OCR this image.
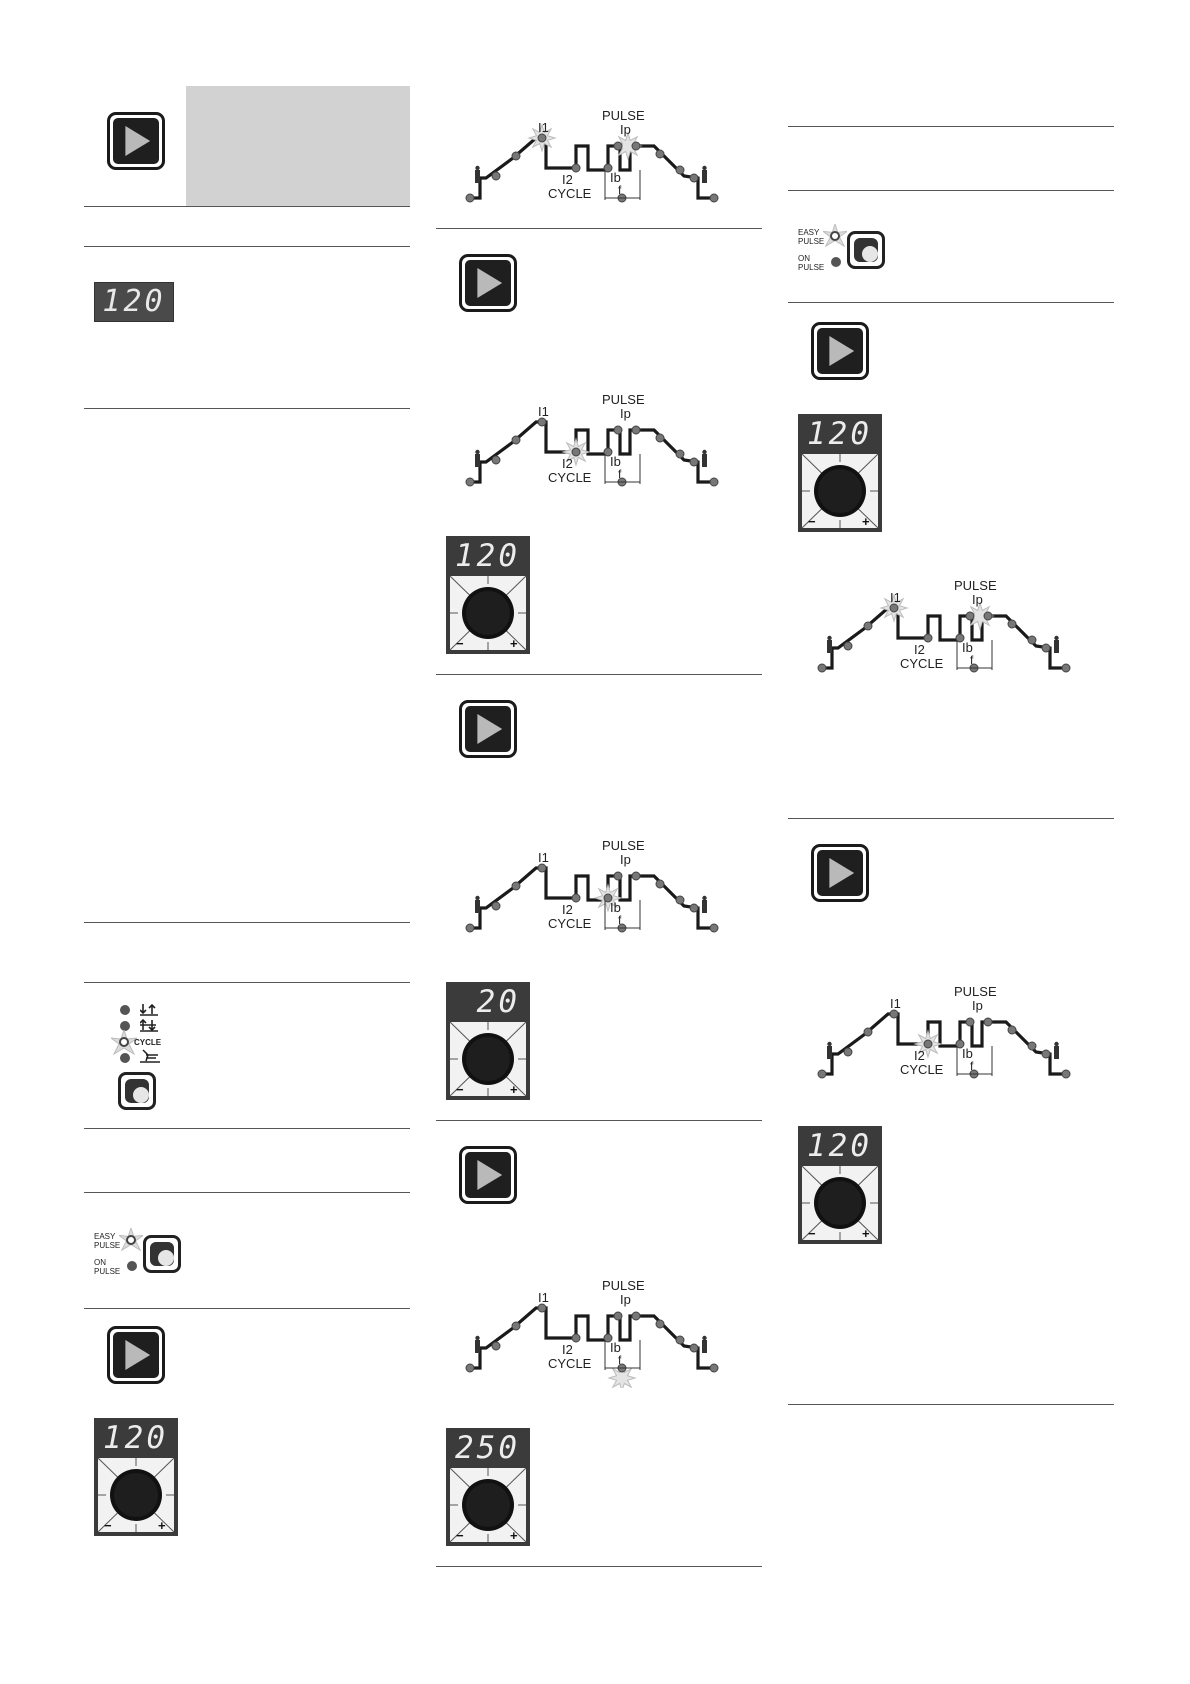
120
CYCLE
EASY
PULSE
ON
PULSE
120
−	+
120
−	+
20
−	+
250
−	+
EASY
PULSE
ON
PULSE
120
−	+
120
−	+
PULSE
Ip
I1
I2
CYCLE
Ib
f
PULSE
Ip
I1
I2
CYCLE
Ib
f
PULSE
Ip
I1
I2
CYCLE
Ib
f
PULSE
Ip
I1
I2
CYCLE
Ib
f
PULSE
Ip
I1
I2
CYCLE
Ib
f
PULSE
Ip
I1
I2
CYCLE
Ib
f
